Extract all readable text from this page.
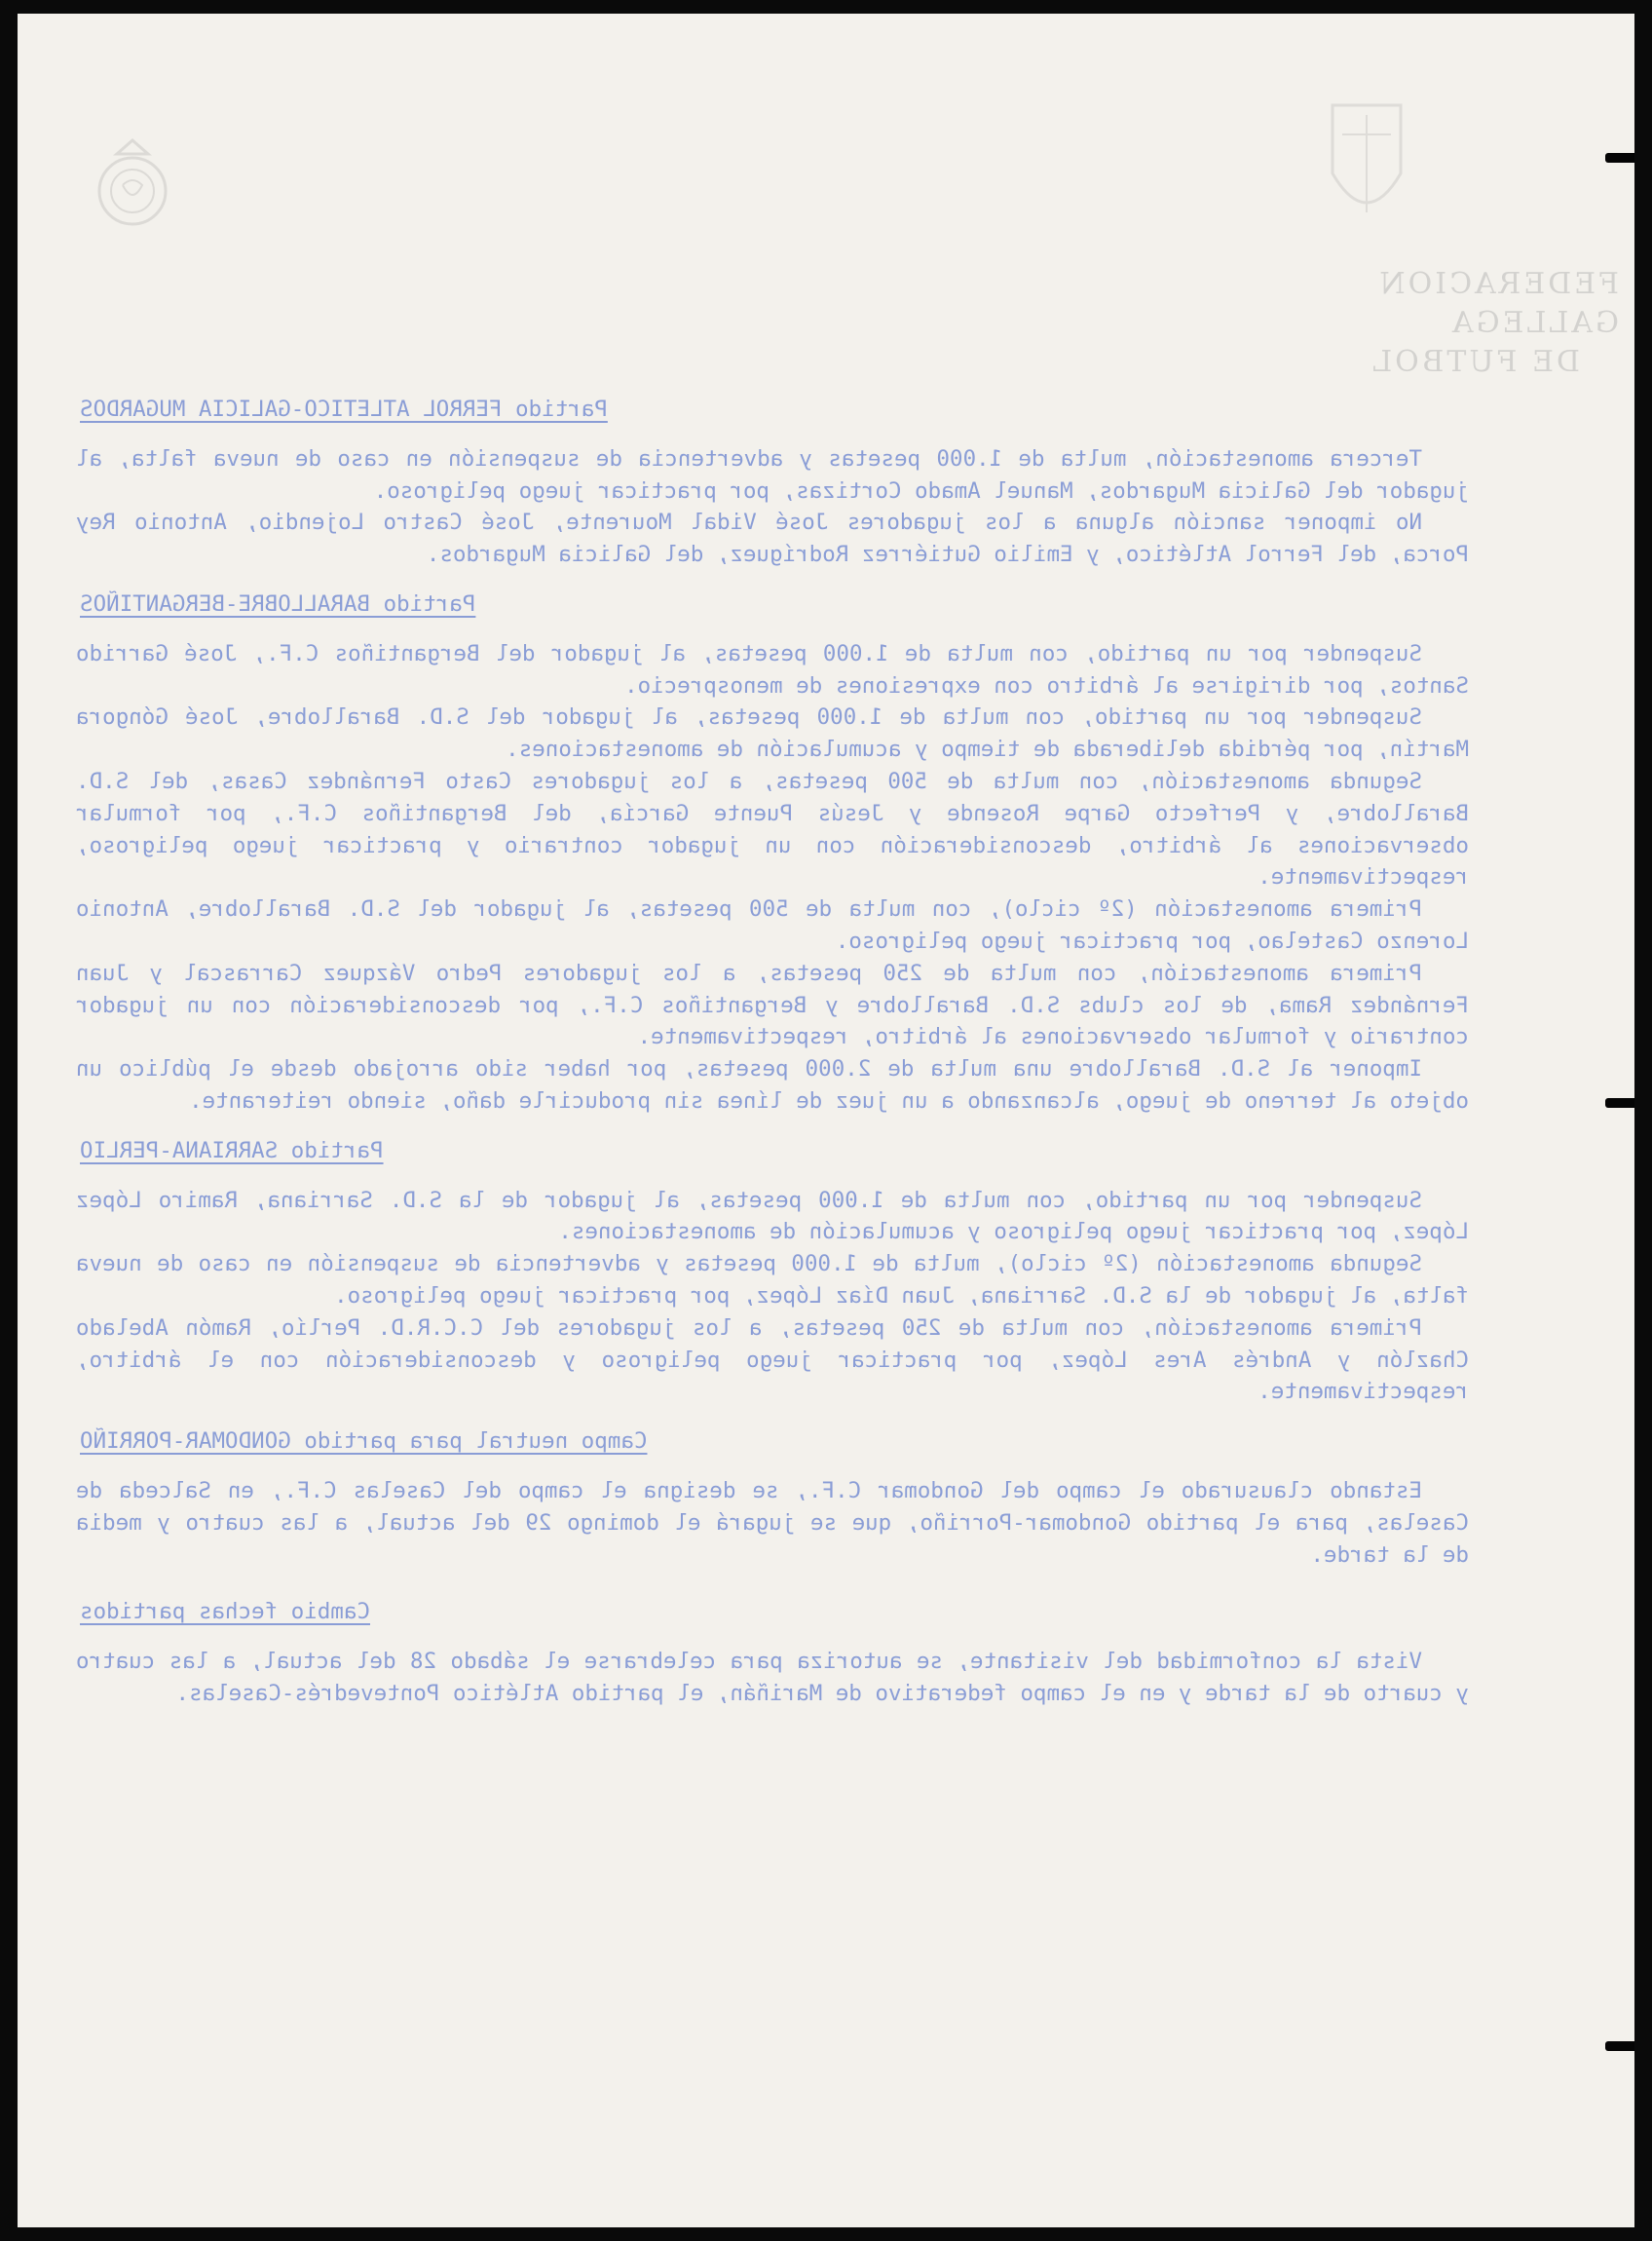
FEDERACION GALLEGA
DE FUTBOL

Partido FERROL ATLETICO-GALICIA MUGARDOS

Tercera amonestación, multa de 1.000 pesetas y advertencia de suspensión en caso de nueva falta, al jugador del Galicia Mugardos, Manuel Amado Cortizas, por practicar juego peligroso.

No imponer sanción alguna a los jugadores José Vidal Mourente, José Castro Lojendio, Antonio Rey Porca, del Ferrol Atlético, y Emilio Gutiérrez Rodríguez, del Galicia Mugardos.

Partido BARALLOBRE-BERGANTIÑOS

Suspender por un partido, con multa de 1.000 pesetas, al jugador del Bergantiños C.F., José Garrido Santos, por dirigirse al árbitro con expresiones de menosprecio.

Suspender por un partido, con multa de 1.000 pesetas, al jugador del S.D. Barallobre, José Góngora Martín, por pérdida deliberada de tiempo y acumulación de amonestaciones.

Segunda amonestación, con multa de 500 pesetas, a los jugadores Casto Fernández Casas, del S.D. Barallobre, y Perfecto Garpe Rosende y Jesús Puente García, del Bergantiños C.F., por formular observaciones al árbitro, desconsideración con un jugador contrario y practicar juego peligroso, respectivamente.

Primera amonestación (2º ciclo), con multa de 500 pesetas, al jugador del S.D. Barallobre, Antonio Lorenzo Castelao, por practicar juego peligroso.

Primera amonestación, con multa de 250 pesetas, a los jugadores Pedro Vázquez Carrascal y Juan Fernández Rama, de los clubs S.D. Barallobre y Bergantiños C.F., por desconsideración con un jugador contrario y formular observaciones al árbitro, respectivamente.

Imponer al S.D. Barallobre una multa de 2.000 pesetas, por haber sido arrojado desde el público un objeto al terreno de juego, alcanzando a un juez de línea sin producirle daño, siendo reiterante.

Partido SARRIANA-PERLIO

Suspender por un partido, con multa de 1.000 pesetas, al jugador de la S.D. Sarriana, Ramiro López López, por practicar juego peligroso y acumulación de amonestaciones.

Segunda amonestación (2º ciclo), multa de 1.000 pesetas y advertencia de suspensión en caso de nueva falta, al jugador de la S.D. Sarriana, Juan Díaz López, por practicar juego peligroso.

Primera amonestación, con multa de 250 pesetas, a los jugadores del C.C.R.D. Perlío, Ramón Abelado Chazlón y Andrés Ares López, por practicar juego peligroso y desconsideración con el árbitro, respectivamente.

Campo neutral para partido GONDOMAR-PORRIÑO

Estando clausurado el campo del Gondomar C.F., se designa el campo del Caselas C.F., en Salceda de Caselas, para el partido Gondomar-Porriño, que se jugará el domingo 29 del actual, a las cuatro y media de la tarde.

Cambio fechas partidos

Vista la conformidad del visitante, se autoriza para celebrarse el sábado 28 del actual, a las cuatro y cuarto de la tarde y en el campo federativo de Mariñán, el partido Atlético Pontevedrés-Caselas.
